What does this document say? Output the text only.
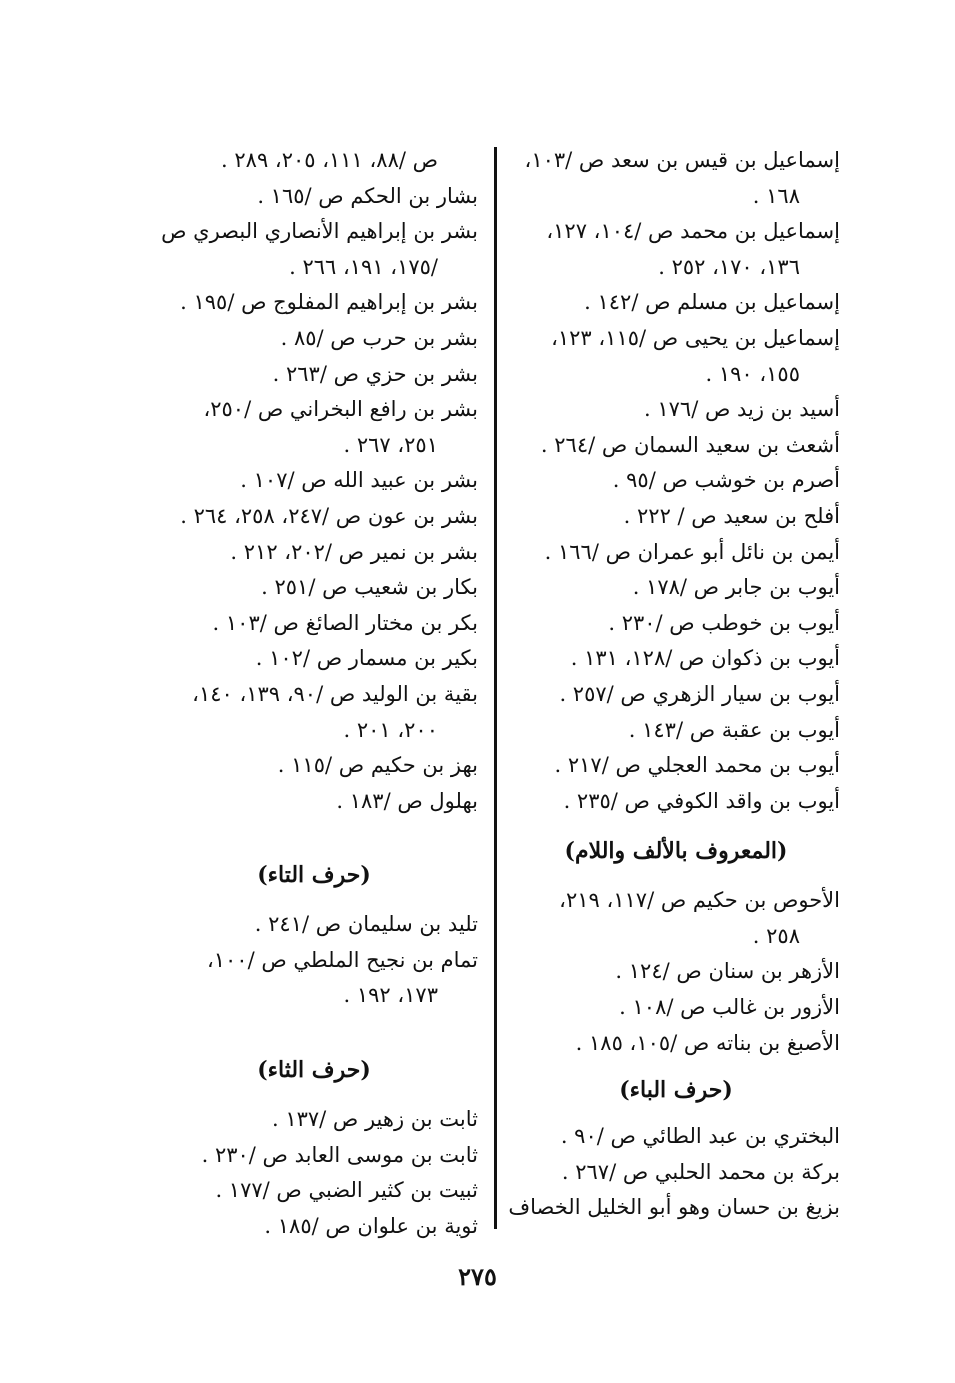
إسماعيل بن قيس بن سعد ص /١٠٣،
١٦٨ .
إسماعيل بن محمد ص /١٠٤، ١٢٧،
١٣٦، ١٧٠، ٢٥٢ .
إسماعيل بن مسلم ص /١٤٢ .
إسماعيل بن يحيى ص /١١٥، ١٢٣،
١٥٥، ١٩٠ .
أسيد بن زيد ص /١٧٦ .
أشعث بن سعيد السمان ص /٢٦٤ .
أصرم بن خوشب ص /٩٥ .
أفلح بن سعيد ص / ٢٢٢ .
أيمن بن نائل أبو عمران ص /١٦٦ .
أيوب بن جابر ص /١٧٨ .
أيوب بن خوطب ص /٢٣٠ .
أيوب بن ذكوان ص /١٢٨، ١٣١ .
أيوب بن سيار الزهري ص /٢٥٧ .
أيوب بن عقبة ص /١٤٣ .
أيوب بن محمد العجلي ص /٢١٧ .
أيوب بن واقد الكوفي ص /٢٣٥ .
(المعروف بالألف واللام)
الأحوص بن حكيم ص /١١٧، ٢١٩،
٢٥٨ .
الأزهر بن سنان ص /١٢٤ .
الأزور بن غالب ص /١٠٨ .
الأصبغ بن بناته ص /١٠٥، ١٨٥ .
(حرف الباء)
البختري بن عبد الطائي ص /٩٠ .
بركة بن محمد الحلبي ص /٢٦٧ .
بزيغ بن حسان وهو أبو الخليل الخصاف
ص /٨٨، ١١١، ٢٠٥، ٢٨٩ .
بشار بن الحكم ص /١٦٥ .
بشر بن إبراهيم الأنصاري البصري ص
/١٧٥، ١٩١، ٢٦٦ .
بشر بن إبراهيم المفلوج ص /١٩٥ .
بشر بن حرب ص /٨٥ .
بشر بن حزي ص /٢٦٣ .
بشر بن رافع البخراني ص /٢٥٠،
٢٥١، ٢٦٧ .
بشر بن عبيد الله ص /١٠٧ .
بشر بن عون ص /٢٤٧، ٢٥٨، ٢٦٤ .
بشر بن نمير ص /٢٠٢، ٢١٢ .
بكار بن شعيب ص /٢٥١ .
بكر بن مختار الصائغ ص /١٠٣ .
بكير بن مسمار ص /١٠٢ .
بقية بن الوليد ص /٩٠، ١٣٩، ١٤٠،
٢٠٠، ٢٠١ .
بهز بن حكيم ص /١١٥ .
بهلول ص /١٨٣ .
(حرف التاء)
تليد بن سليمان ص /٢٤١ .
تمام بن نجيح الملطي ص /١٠٠،
١٧٣، ١٩٢ .
(حرف الثاء)
ثابت بن زهير ص /١٣٧ .
ثابت بن موسى العابد ص /٢٣٠ .
ثبيت بن كثير الضبي ص /١٧٧ .
ثوية بن علوان ص /١٨٥ .
٢٧٥
